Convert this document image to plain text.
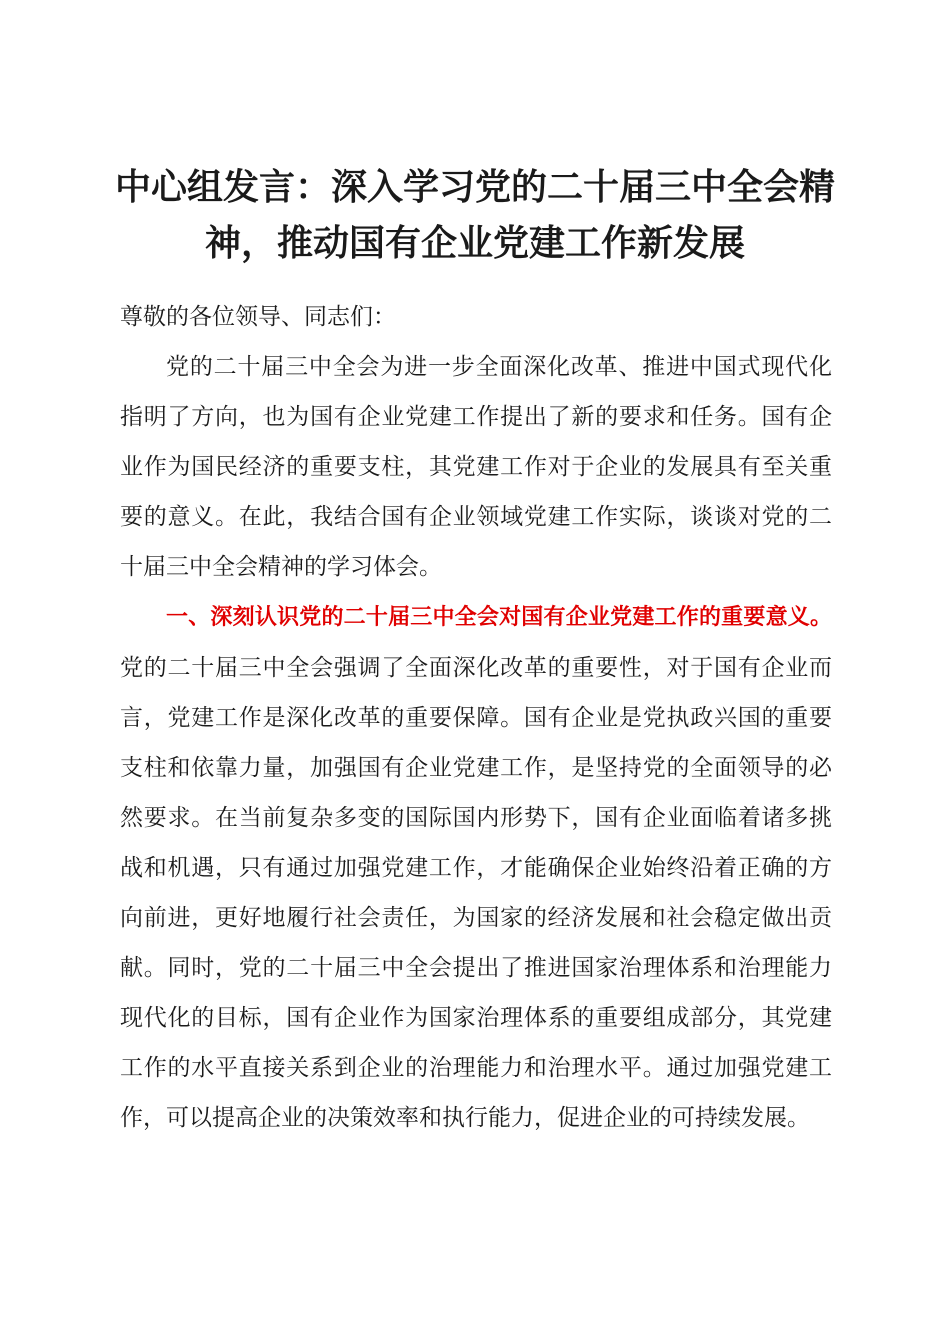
中心组发言：深入学习党的二十届三中全会精
神，推动国有企业党建工作新发展

尊敬的各位领导、同志们：

党的二十届三中全会为进一步全面深化改革、推进中国式现代化指明了方向，也为国有企业党建工作提出了新的要求和任务。国有企业作为国民经济的重要支柱，其党建工作对于企业的发展具有至关重要的意义。在此，我结合国有企业领域党建工作实际，谈谈对党的二十届三中全会精神的学习体会。

一、深刻认识党的二十届三中全会对国有企业党建工作的重要意义。党的二十届三中全会强调了全面深化改革的重要性，对于国有企业而言，党建工作是深化改革的重要保障。国有企业是党执政兴国的重要支柱和依靠力量，加强国有企业党建工作，是坚持党的全面领导的必然要求。在当前复杂多变的国际国内形势下，国有企业面临着诸多挑战和机遇，只有通过加强党建工作，才能确保企业始终沿着正确的方向前进，更好地履行社会责任，为国家的经济发展和社会稳定做出贡献。同时，党的二十届三中全会提出了推进国家治理体系和治理能力现代化的目标，国有企业作为国家治理体系的重要组成部分，其党建工作的水平直接关系到企业的治理能力和治理水平。通过加强党建工作，可以提高企业的决策效率和执行能力，促进企业的可持续发展。
